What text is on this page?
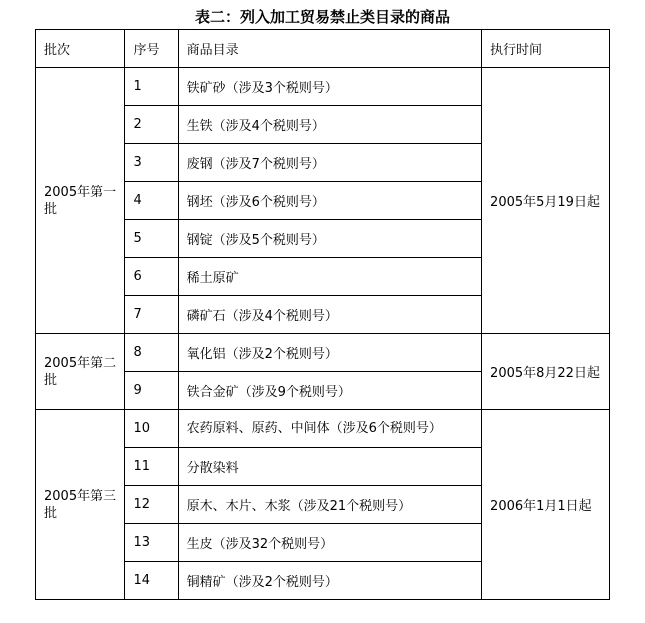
表二：列入加工贸易禁止类目录的商品
批次	序号	商品目录	执行时间
2005年第一批	1	铁矿砂（涉及3个税则号）	2005年5月19日起
	2	生铁（涉及4个税则号）	
	3	废钢（涉及7个税则号）	
	4	钢坯（涉及6个税则号）	
	5	钢锭（涉及5个税则号）	
	6	稀土原矿	
	7	磷矿石（涉及4个税则号）	
2005年第二批	8	氧化铝（涉及2个税则号）	2005年8月22日起
	9	铁合金矿（涉及9个税则号）	
2005年第三批	10	农药原料、原药、中间体（涉及6个税则号）	2006年1月1日起
	11	分散染料	
	12	原木、木片、木浆（涉及21个税则号）	
	13	生皮（涉及32个税则号）	
	14	铜精矿（涉及2个税则号）	
